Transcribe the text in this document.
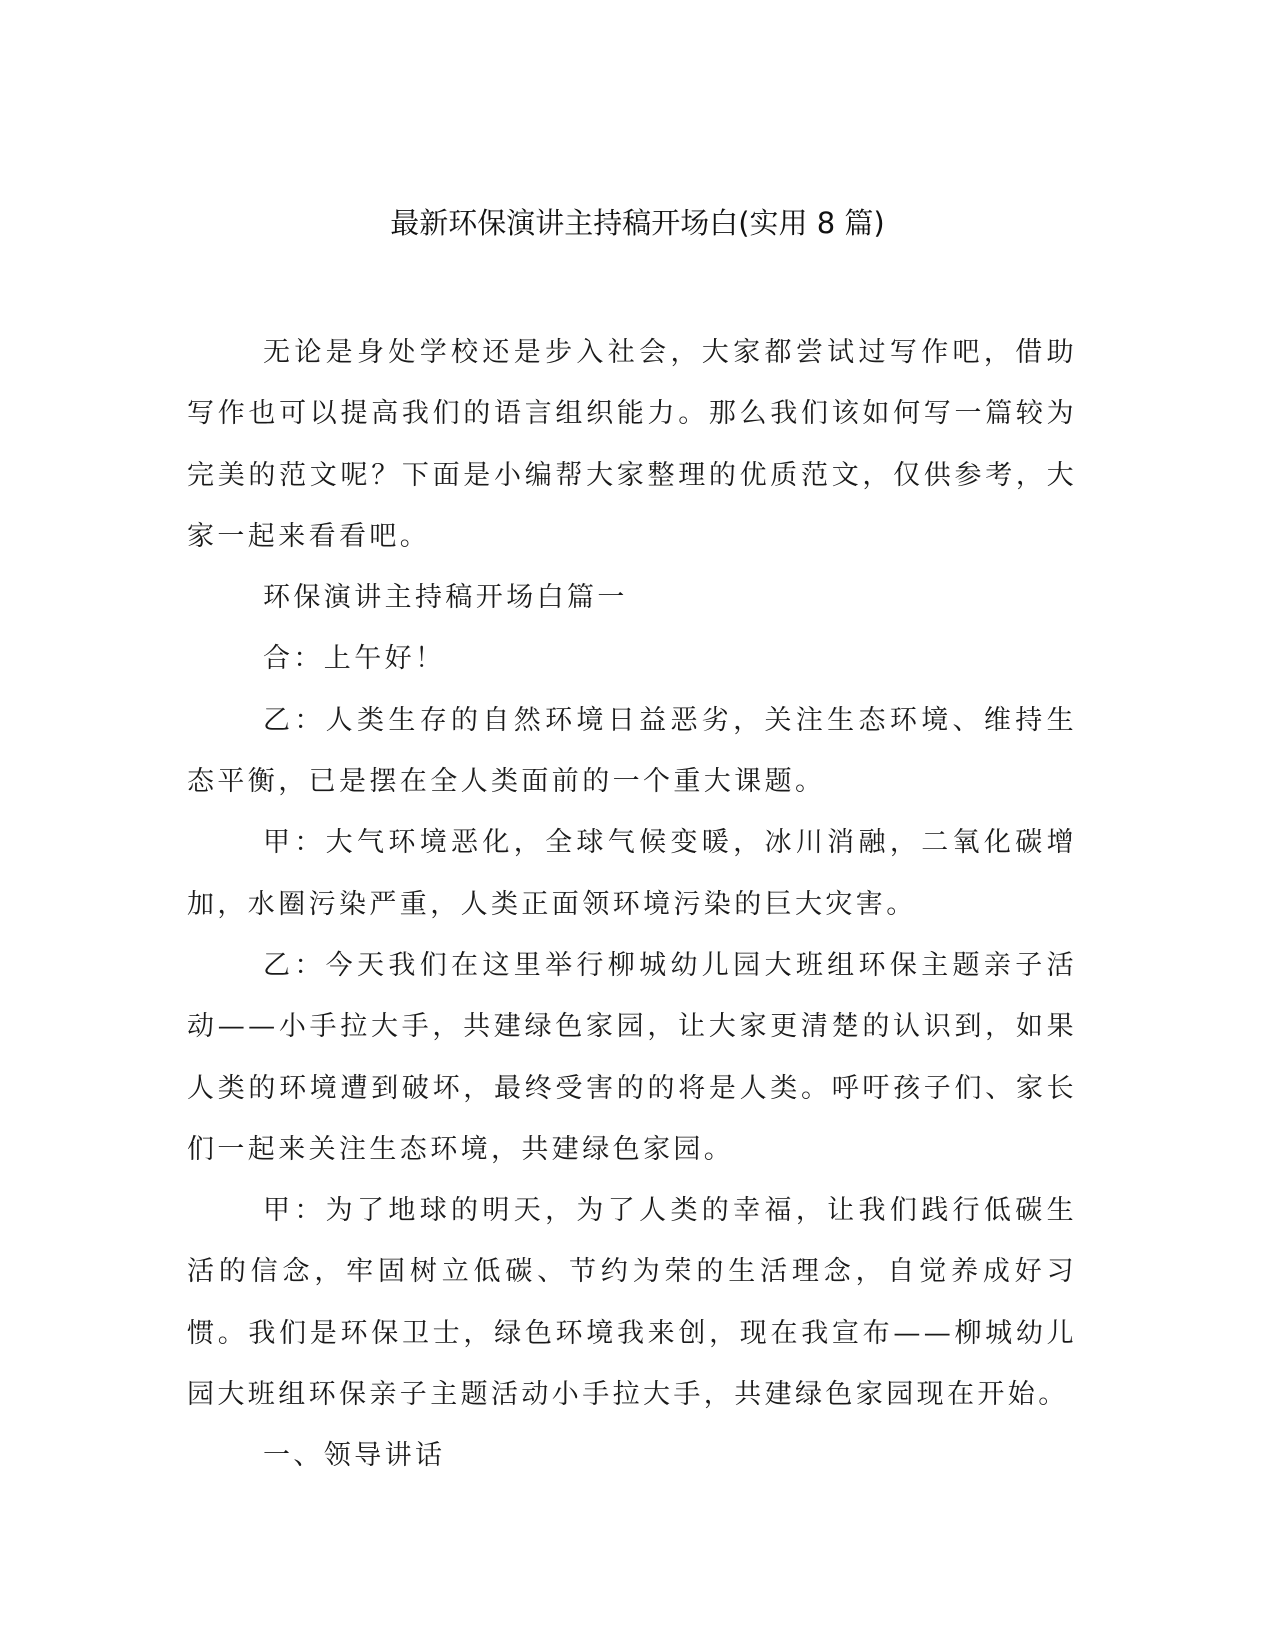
最新环保演讲主持稿开场白(实用 8 篇)

无论是身处学校还是步入社会，大家都尝试过写作吧，借助写作也可以提高我们的语言组织能力。那么我们该如何写一篇较为完美的范文呢？下面是小编帮大家整理的优质范文，仅供参考，大家一起来看看吧。

环保演讲主持稿开场白篇一

合：上午好！

乙：人类生存的自然环境日益恶劣，关注生态环境、维持生态平衡，已是摆在全人类面前的一个重大课题。

甲：大气环境恶化，全球气候变暖，冰川消融，二氧化碳增加，水圈污染严重，人类正面领环境污染的巨大灾害。

乙：今天我们在这里举行柳城幼儿园大班组环保主题亲子活动——小手拉大手，共建绿色家园，让大家更清楚的认识到，如果人类的环境遭到破坏，最终受害的的将是人类。呼吁孩子们、家长们一起来关注生态环境，共建绿色家园。

甲：为了地球的明天，为了人类的幸福，让我们践行低碳生活的信念，牢固树立低碳、节约为荣的生活理念，自觉养成好习惯。我们是环保卫士，绿色环境我来创，现在我宣布——柳城幼儿园大班组环保亲子主题活动小手拉大手，共建绿色家园现在开始。

一、领导讲话
